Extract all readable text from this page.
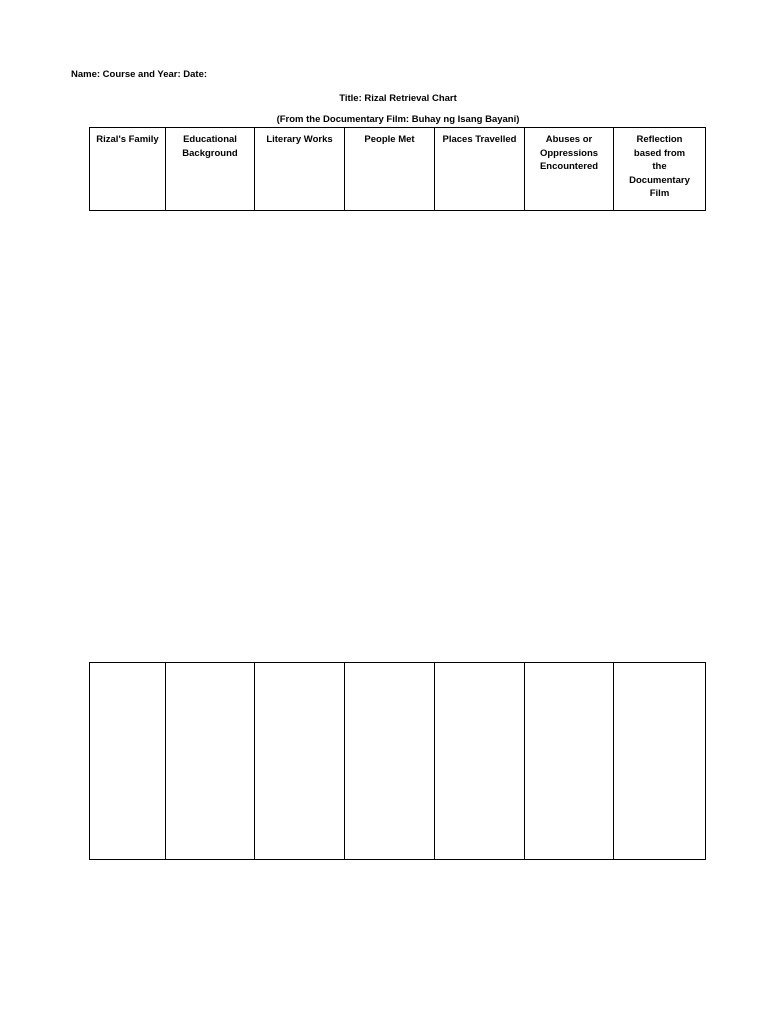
Name: Course and Year: Date:
Title: Rizal Retrieval Chart
(From the Documentary Film: Buhay ng Isang Bayani)
Rizal's Family	Educational Background	Literary Works	People Met	Places Travelled	Abuses or Oppressions Encountered	Reflection based from the Documentary Film
